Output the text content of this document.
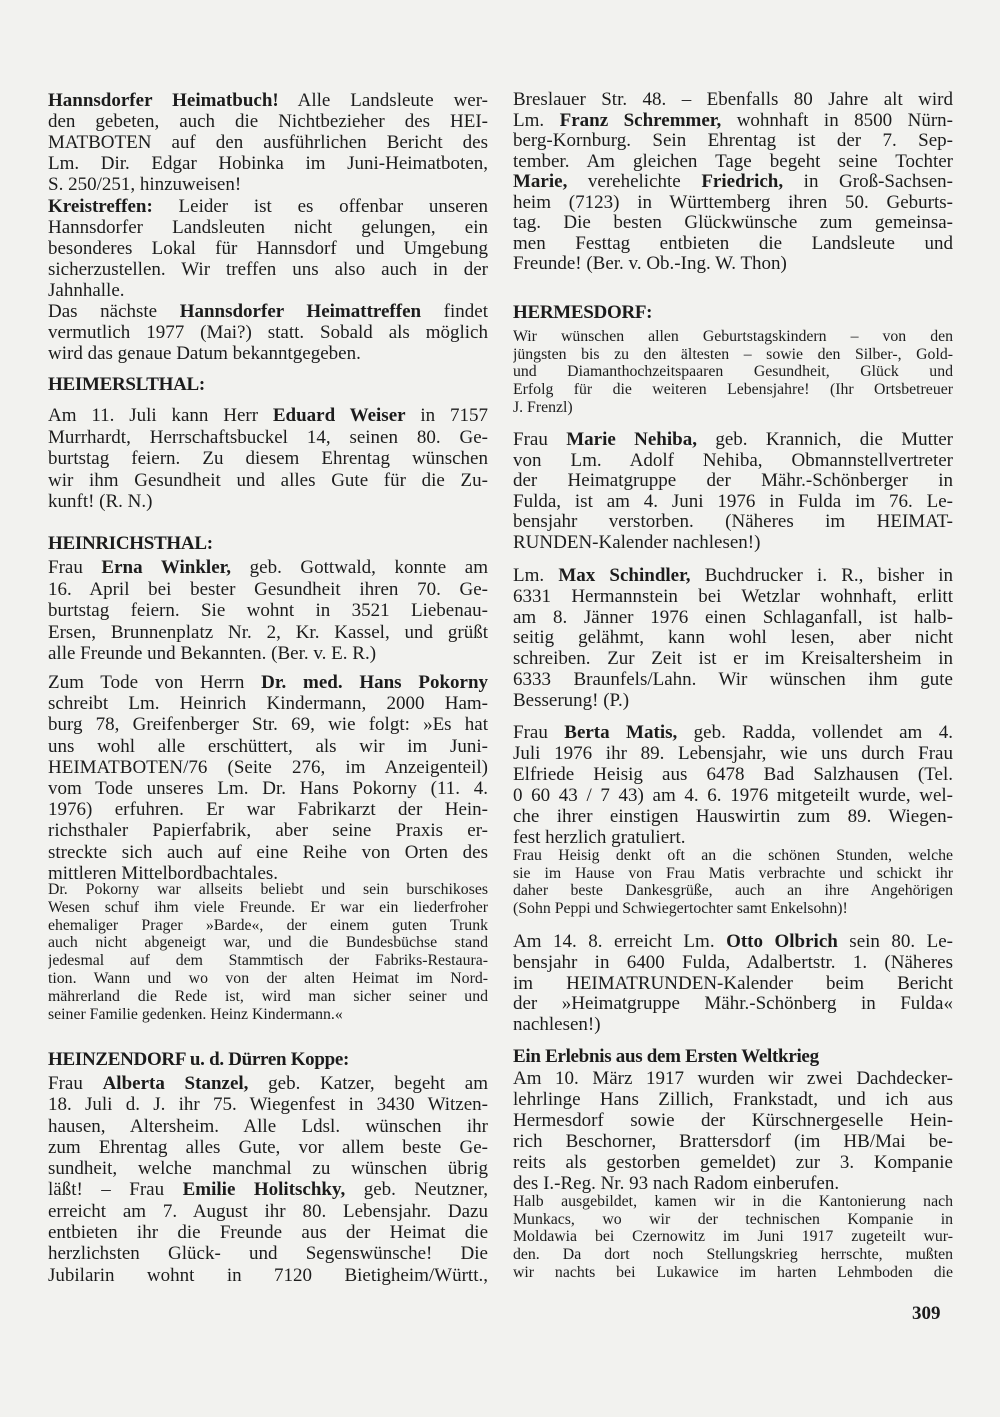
Hannsdorfer Heimatbuch! Alle Landsleute wer-
den gebeten, auch die Nichtbezieher des HEI-
MATBOTEN auf den ausführlichen Bericht des
Lm. Dir. Edgar Hobinka im Juni-Heimatboten,
S. 250/251, hinzuweisen!
Kreistreffen: Leider ist es offenbar unseren
Hannsdorfer Landsleuten nicht gelungen, ein
besonderes Lokal für Hannsdorf und Umgebung
sicherzustellen. Wir treffen uns also auch in der
Jahnhalle.
Das nächste Hannsdorfer Heimattreffen findet
vermutlich 1977 (Mai?) statt. Sobald als möglich
wird das genaue Datum bekanntgegeben.
HEIMERSLTHAL:
Am 11. Juli kann Herr Eduard Weiser in 7157
Murrhardt, Herrschaftsbuckel 14, seinen 80. Ge-
burtstag feiern. Zu diesem Ehrentag wünschen
wir ihm Gesundheit und alles Gute für die Zu-
kunft! (R. N.)
HEINRICHSTHAL:
Frau Erna Winkler, geb. Gottwald, konnte am
16. April bei bester Gesundheit ihren 70. Ge-
burtstag feiern. Sie wohnt in 3521 Liebenau-
Ersen, Brunnenplatz Nr. 2, Kr. Kassel, und grüßt
alle Freunde und Bekannten. (Ber. v. E. R.)
Zum Tode von Herrn Dr. med. Hans Pokorny
schreibt Lm. Heinrich Kindermann, 2000 Ham-
burg 78, Greifenberger Str. 69, wie folgt: »Es hat
uns wohl alle erschüttert, als wir im Juni-
HEIMATBOTEN/76 (Seite 276, im Anzeigenteil)
vom Tode unseres Lm. Dr. Hans Pokorny (11. 4.
1976) erfuhren. Er war Fabrikarzt der Hein-
richsthaler Papierfabrik, aber seine Praxis er-
streckte sich auch auf eine Reihe von Orten des
mittleren Mittelbordbachtales.
Dr. Pokorny war allseits beliebt und sein burschikoses
Wesen schuf ihm viele Freunde. Er war ein liederfroher
ehemaliger Prager »Barde«, der einem guten Trunk
auch nicht abgeneigt war, und die Bundesbüchse stand
jedesmal auf dem Stammtisch der Fabriks-Restaura-
tion. Wann und wo von der alten Heimat im Nord-
mährerland die Rede ist, wird man sicher seiner und
seiner Familie gedenken. Heinz Kindermann.«
HEINZENDORF u. d. Dürren Koppe:
Frau Alberta Stanzel, geb. Katzer, begeht am
18. Juli d. J. ihr 75. Wiegenfest in 3430 Witzen-
hausen, Altersheim. Alle Ldsl. wünschen ihr
zum Ehrentag alles Gute, vor allem beste Ge-
sundheit, welche manchmal zu wünschen übrig
läßt! – Frau Emilie Holitschky, geb. Neutzner,
erreicht am 7. August ihr 80. Lebensjahr. Dazu
entbieten ihr die Freunde aus der Heimat die
herzlichsten Glück- und Segenswünsche! Die
Jubilarin wohnt in 7120 Bietigheim/Württ.,
Breslauer Str. 48. – Ebenfalls 80 Jahre alt wird
Lm. Franz Schremmer, wohnhaft in 8500 Nürn-
berg-Kornburg. Sein Ehrentag ist der 7. Sep-
tember. Am gleichen Tage begeht seine Tochter
Marie, verehelichte Friedrich, in Groß-Sachsen-
heim (7123) in Württemberg ihren 50. Geburts-
tag. Die besten Glückwünsche zum gemeinsa-
men Festtag entbieten die Landsleute und
Freunde! (Ber. v. Ob.-Ing. W. Thon)
HERMESDORF:
Wir wünschen allen Geburtstagskindern – von den
jüngsten bis zu den ältesten – sowie den Silber-, Gold-
und Diamanthochzeitspaaren Gesundheit, Glück und
Erfolg für die weiteren Lebensjahre! (Ihr Ortsbetreuer
J. Frenzl)
Frau Marie Nehiba, geb. Krannich, die Mutter
von Lm. Adolf Nehiba, Obmannstellvertreter
der Heimatgruppe der Mähr.-Schönberger in
Fulda, ist am 4. Juni 1976 in Fulda im 76. Le-
bensjahr verstorben. (Näheres im HEIMAT-
RUNDEN-Kalender nachlesen!)
Lm. Max Schindler, Buchdrucker i. R., bisher in
6331 Hermannstein bei Wetzlar wohnhaft, erlitt
am 8. Jänner 1976 einen Schlaganfall, ist halb-
seitig gelähmt, kann wohl lesen, aber nicht
schreiben. Zur Zeit ist er im Kreisaltersheim in
6333 Braunfels/Lahn. Wir wünschen ihm gute
Besserung! (P.)
Frau Berta Matis, geb. Radda, vollendet am 4.
Juli 1976 ihr 89. Lebensjahr, wie uns durch Frau
Elfriede Heisig aus 6478 Bad Salzhausen (Tel.
0 60 43 / 7 43) am 4. 6. 1976 mitgeteilt wurde, wel-
che ihrer einstigen Hauswirtin zum 89. Wiegen-
fest herzlich gratuliert.
Frau Heisig denkt oft an die schönen Stunden, welche
sie im Hause von Frau Matis verbrachte und schickt ihr
daher beste Dankesgrüße, auch an ihre Angehörigen
(Sohn Peppi und Schwiegertochter samt Enkelsohn)!
Am 14. 8. erreicht Lm. Otto Olbrich sein 80. Le-
bensjahr in 6400 Fulda, Adalbertstr. 1. (Näheres
im HEIMATRUNDEN-Kalender beim Bericht
der »Heimatgruppe Mähr.-Schönberg in Fulda«
nachlesen!)
Ein Erlebnis aus dem Ersten Weltkrieg
Am 10. März 1917 wurden wir zwei Dachdecker-
lehrlinge Hans Zillich, Frankstadt, und ich aus
Hermesdorf sowie der Kürschnergeselle Hein-
rich Beschorner, Brattersdorf (im HB/Mai be-
reits als gestorben gemeldet) zur 3. Kompanie
des I.-Reg. Nr. 93 nach Radom einberufen.
Halb ausgebildet, kamen wir in die Kantonierung nach
Munkacs, wo wir der technischen Kompanie in
Moldawia bei Czernowitz im Juni 1917 zugeteilt wur-
den. Da dort noch Stellungskrieg herrschte, mußten
wir nachts bei Lukawice im harten Lehmboden die
309
